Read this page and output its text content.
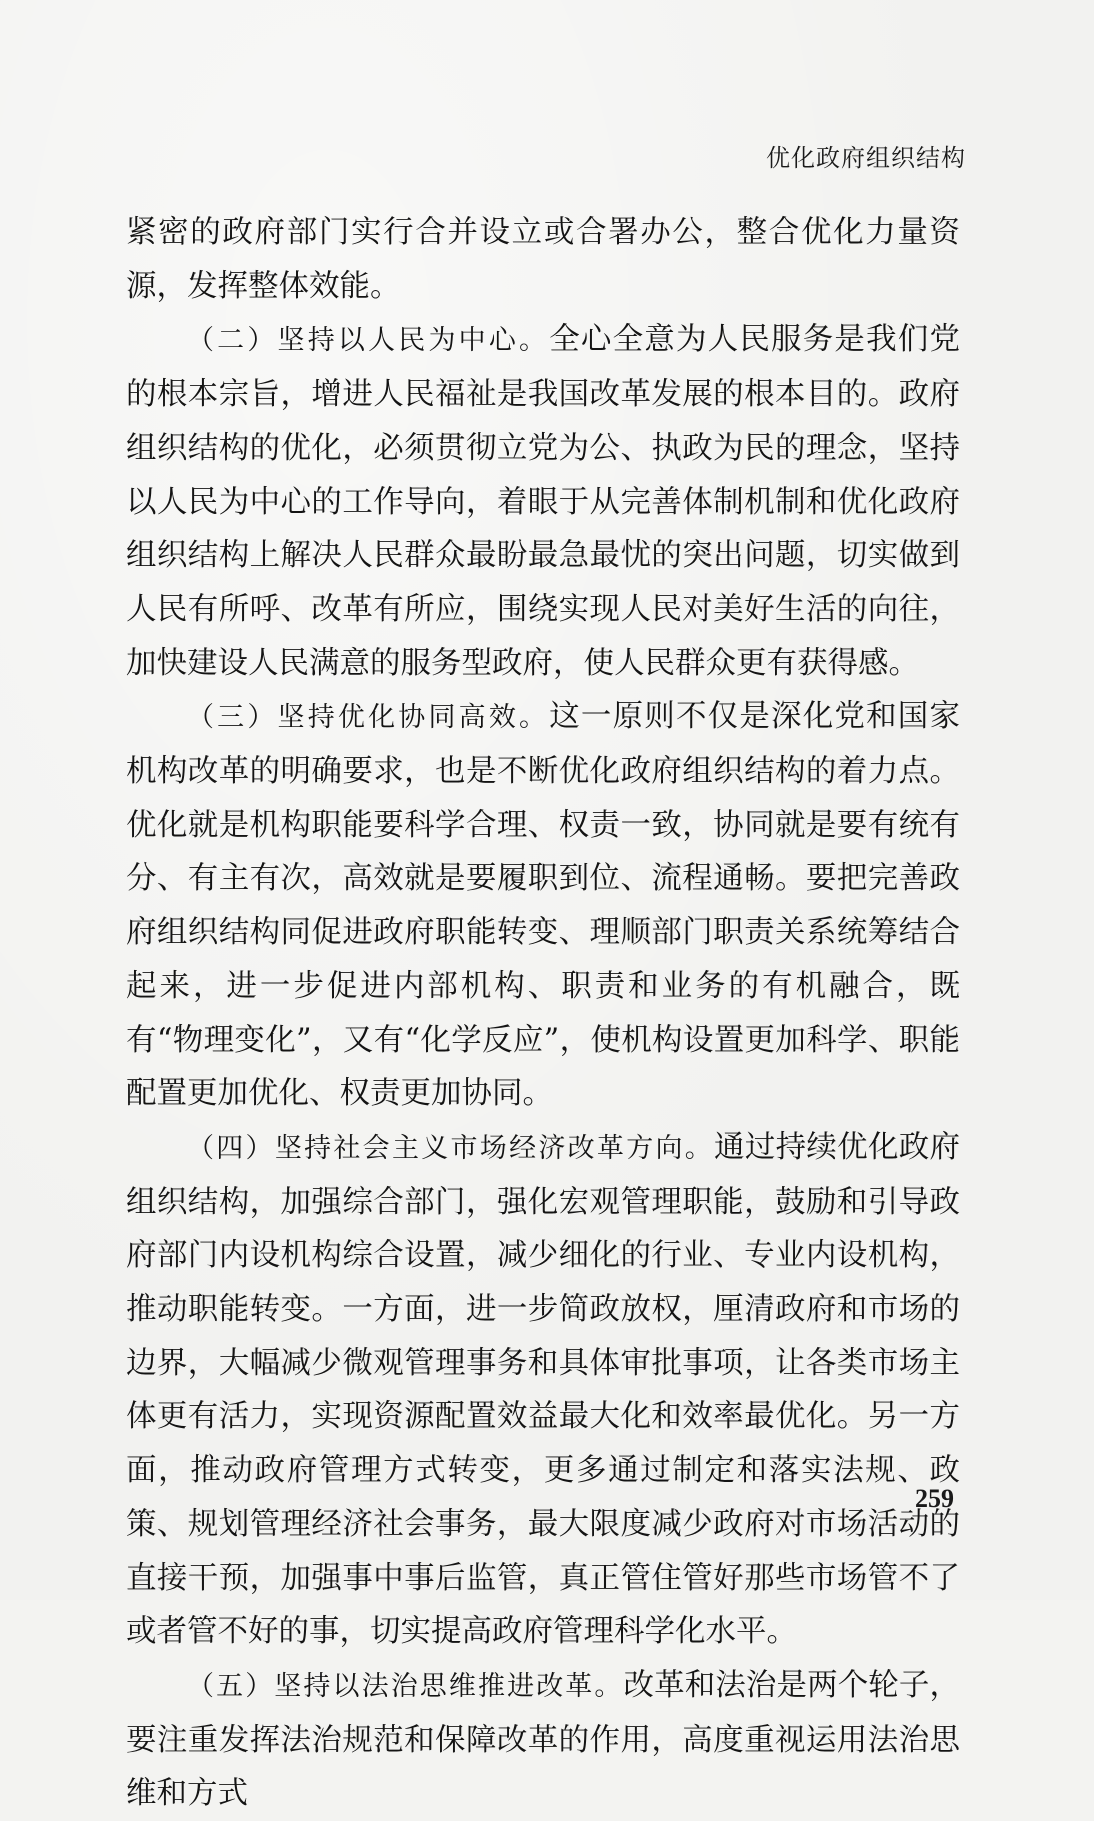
优化政府组织结构

紧密的政府部门实行合并设立或合署办公，整合优化力量资源，发挥整体效能。

（二）坚持以人民为中心。全心全意为人民服务是我们党的根本宗旨，增进人民福祉是我国改革发展的根本目的。政府组织结构的优化，必须贯彻立党为公、执政为民的理念，坚持以人民为中心的工作导向，着眼于从完善体制机制和优化政府组织结构上解决人民群众最盼最急最忧的突出问题，切实做到人民有所呼、改革有所应，围绕实现人民对美好生活的向往，加快建设人民满意的服务型政府，使人民群众更有获得感。

（三）坚持优化协同高效。这一原则不仅是深化党和国家机构改革的明确要求，也是不断优化政府组织结构的着力点。优化就是机构职能要科学合理、权责一致，协同就是要有统有分、有主有次，高效就是要履职到位、流程通畅。要把完善政府组织结构同促进政府职能转变、理顺部门职责关系统筹结合起来，进一步促进内部机构、职责和业务的有机融合，既有“物理变化”，又有“化学反应”，使机构设置更加科学、职能配置更加优化、权责更加协同。

（四）坚持社会主义市场经济改革方向。通过持续优化政府组织结构，加强综合部门，强化宏观管理职能，鼓励和引导政府部门内设机构综合设置，减少细化的行业、专业内设机构，推动职能转变。一方面，进一步简政放权，厘清政府和市场的边界，大幅减少微观管理事务和具体审批事项，让各类市场主体更有活力，实现资源配置效益最大化和效率最优化。另一方面，推动政府管理方式转变，更多通过制定和落实法规、政策、规划管理经济社会事务，最大限度减少政府对市场活动的直接干预，加强事中事后监管，真正管住管好那些市场管不了或者管不好的事，切实提高政府管理科学化水平。

（五）坚持以法治思维推进改革。改革和法治是两个轮子，要注重发挥法治规范和保障改革的作用，高度重视运用法治思维和方式

259
